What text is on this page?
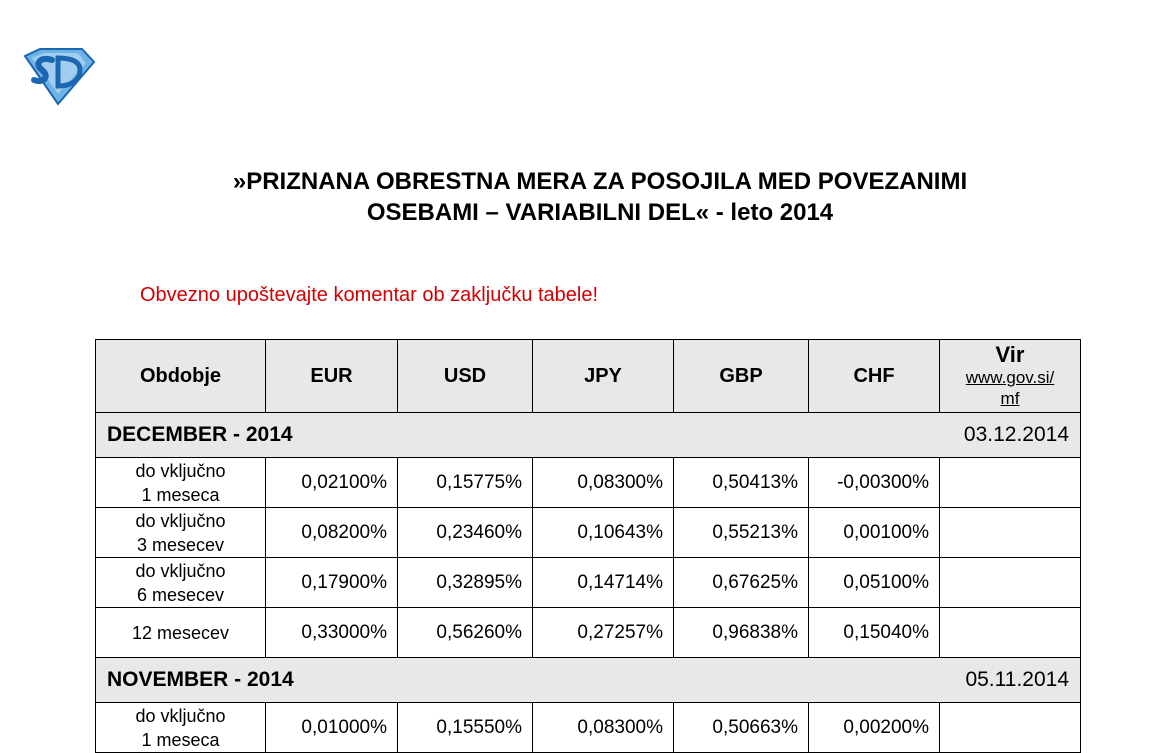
»PRIZNANA OBRESTNA MERA ZA POSOJILA MED POVEZANIMI
OSEBAMI – VARIABILNI DEL« - leto 2014
Obvezno upoštevajte komentar ob zaključku tabele!
Obdobje	EUR	USD	JPY	GBP	CHF	Vir
www.gov.si/
mf

DECEMBER - 2014						03.12.2014

do vključno
1 meseca	0,02100%	0,15775%	0,08300%	0,50413%	-0,00300%	

do vključno
3 mesecev	0,08200%	0,23460%	0,10643%	0,55213%	0,00100%	

do vključno
6 mesecev	0,17900%	0,32895%	0,14714%	0,67625%	0,05100%	

12 mesecev	0,33000%	0,56260%	0,27257%	0,96838%	0,15040%	
NOVEMBER - 2014						05.11.2014

do vključno
1 meseca	0,01000%	0,15550%	0,08300%	0,50663%	0,00200%	
